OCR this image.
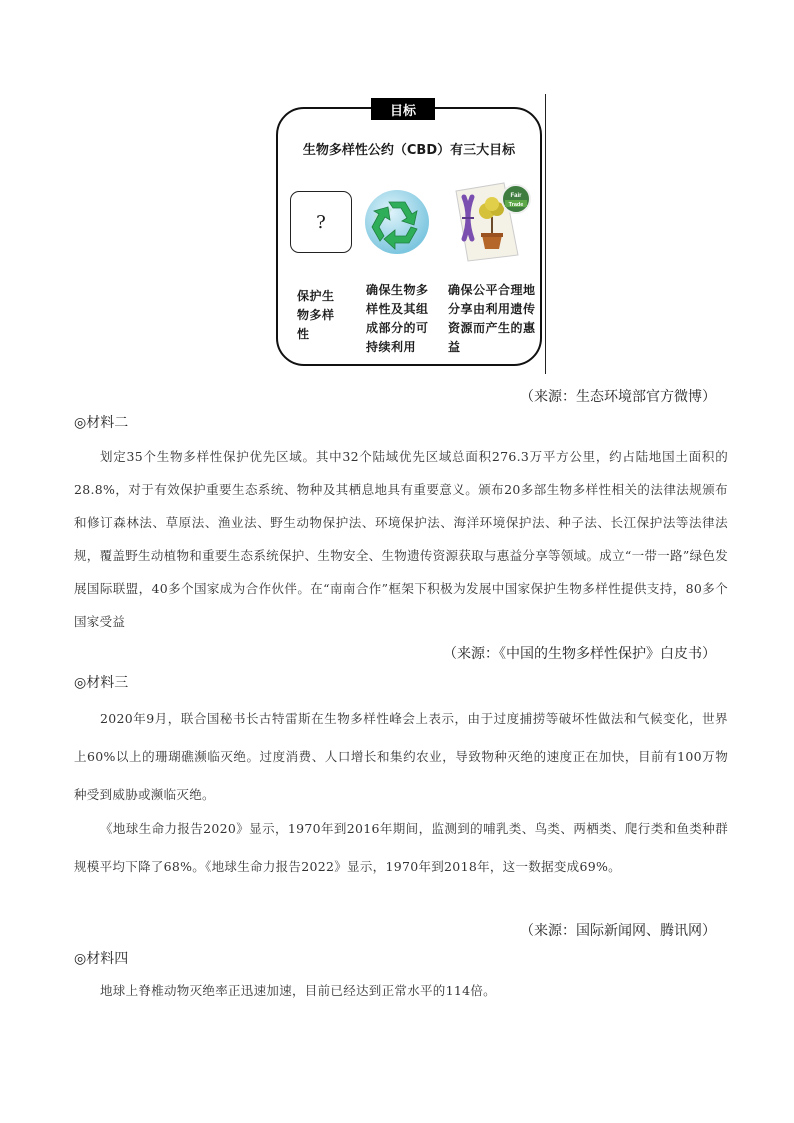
生物多样性公约（CBD）有三大目标
?
Fair
Trade
保护生物多样性
确保生物多样性及其组成部分的可持续利用
确保公平合理地分享由利用遗传资源而产生的惠益
目标
（来源：生态环境部官方微博）
◎材料二
划定35个生物多样性保护优先区域。其中32个陆域优先区域总面积276.3万平方公里，约占陆地国土面积的28.8%，对于有效保护重要生态系统、物种及其栖息地具有重要意义。颁布20多部生物多样性相关的法律法规颁布和修订森林法、草原法、渔业法、野生动物保护法、环境保护法、海洋环境保护法、种子法、长江保护法等法律法规，覆盖野生动植物和重要生态系统保护、生物安全、生物遗传资源获取与惠益分享等领域。成立“一带一路”绿色发展国际联盟，40多个国家成为合作伙伴。在“南南合作”框架下积极为发展中国家保护生物多样性提供支持，80多个国家受益
（来源：《中国的生物多样性保护》白皮书）
◎材料三
2020年9月，联合国秘书长古特雷斯在生物多样性峰会上表示，由于过度捕捞等破坏性做法和气候变化，世界上60%以上的珊瑚礁濒临灭绝。过度消费、人口增长和集约农业，导致物种灭绝的速度正在加快，目前有100万物种受到威胁或濒临灭绝。
《地球生命力报告2020》显示，1970年到2016年期间，监测到的哺乳类、鸟类、两栖类、爬行类和鱼类种群规模平均下降了68%。《地球生命力报告2022》显示，1970年到2018年，这一数据变成69%。
（来源：国际新闻网、腾讯网）
◎材料四
地球上脊椎动物灭绝率正迅速加速，目前已经达到正常水平的114倍。
